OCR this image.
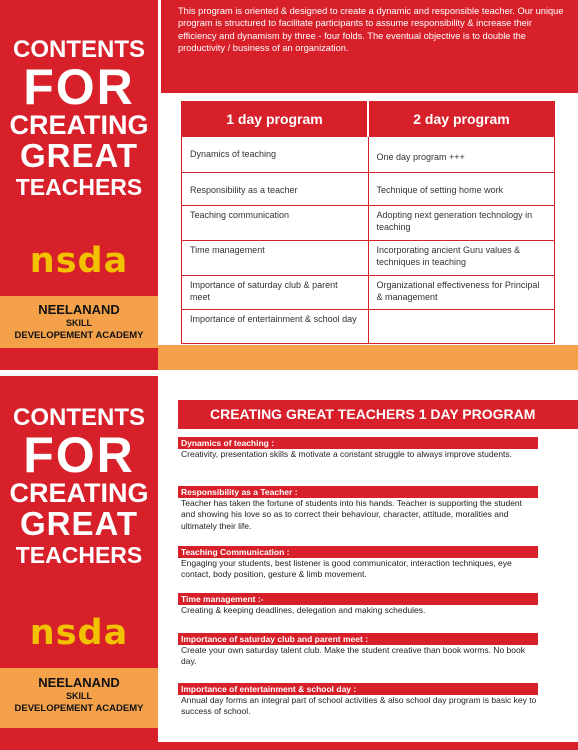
CONTENTS
FOR
CREATING
GREAT
TEACHERS
nsda
NEELANAND
SKILL
DEVELOPEMENT ACADEMY
This program is oriented & designed to create a dynamic and responsible teacher. Our unique program is structured to facilitate participants to assume responsibility & increase their efficiency and dynamism by three - four folds. The eventual objective is to double the productivity / business of an organization.
1 day program	2 day program
Dynamics of teaching	One day program +++
Responsibility as a teacher	Technique of setting home work
Teaching communication	Adopting next generation technology in teaching
Time management	Incorporating ancient Guru values & techniques in teaching
Importance of saturday club & parent meet	Organizational effectiveness for Principal & management
Importance of entertainment & school day	
CONTENTS
FOR
CREATING
GREAT
TEACHERS
nsda
NEELANAND
SKILL
DEVELOPEMENT ACADEMY
CREATING GREAT TEACHERS 1 DAY PROGRAM
Dynamics of teaching :
Creativity, presentation skills & motivate a constant struggle to always improve students.
Responsibility as a Teacher :
Teacher has taken the fortune of students into his hands. Teacher is supporting the student and showing his love so as to correct their behaviour, character, attitude, moralities and ultimately their life.
Teaching Communication :
Engaging your students, best listener is good communicator, interaction techniques, eye contact, body position, gesture & limb movement.
Time management :-
Creating & keeping deadlines, delegation and making schedules.
Importance of saturday club and parent meet :
Create your own saturday talent club. Make the student creative than book worms. No book day.
Importance of entertainment & school day :
Annual day forms an integral part of school activities & also school day program is basic key to success of school.
